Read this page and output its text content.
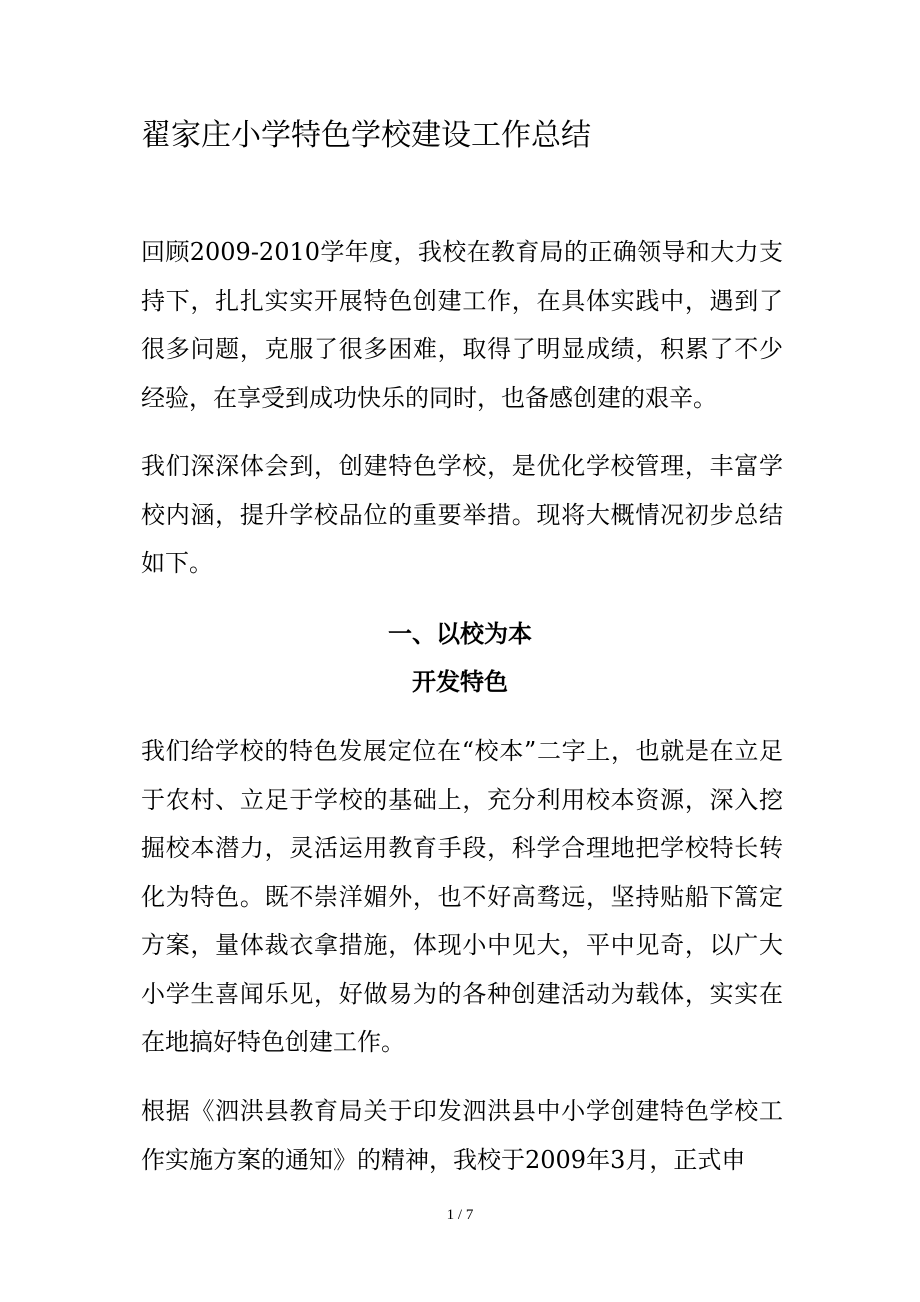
翟家庄小学特色学校建设工作总结

回顾2009-2010学年度，我校在教育局的正确领导和大力支持下，扎扎实实开展特色创建工作，在具体实践中，遇到了很多问题，克服了很多困难，取得了明显成绩，积累了不少经验，在享受到成功快乐的同时，也备感创建的艰辛。

我们深深体会到，创建特色学校，是优化学校管理，丰富学校内涵，提升学校品位的重要举措。现将大概情况初步总结如下。

一、以校为本
开发特色

我们给学校的特色发展定位在“校本”二字上，也就是在立足于农村、立足于学校的基础上，充分利用校本资源，深入挖掘校本潜力，灵活运用教育手段，科学合理地把学校特长转化为特色。既不崇洋媚外，也不好高骛远，坚持贴船下篙定方案，量体裁衣拿措施，体现小中见大，平中见奇，以广大小学生喜闻乐见，好做易为的各种创建活动为载体，实实在在地搞好特色创建工作。

根据《泗洪县教育局关于印发泗洪县中小学创建特色学校工作实施方案的通知》的精神，我校于2009年3月，正式申

1 / 7
